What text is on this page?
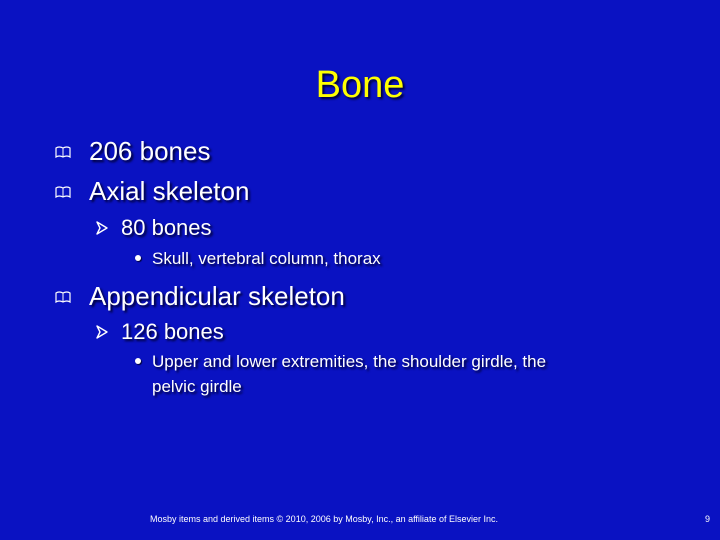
Bone
206 bones
Axial skeleton
80 bones
Skull, vertebral column, thorax
Appendicular skeleton
126 bones
Upper and lower extremities, the shoulder girdle, the
pelvic girdle
Mosby items and derived items © 2010, 2006 by Mosby, Inc., an affiliate of Elsevier Inc.	9
